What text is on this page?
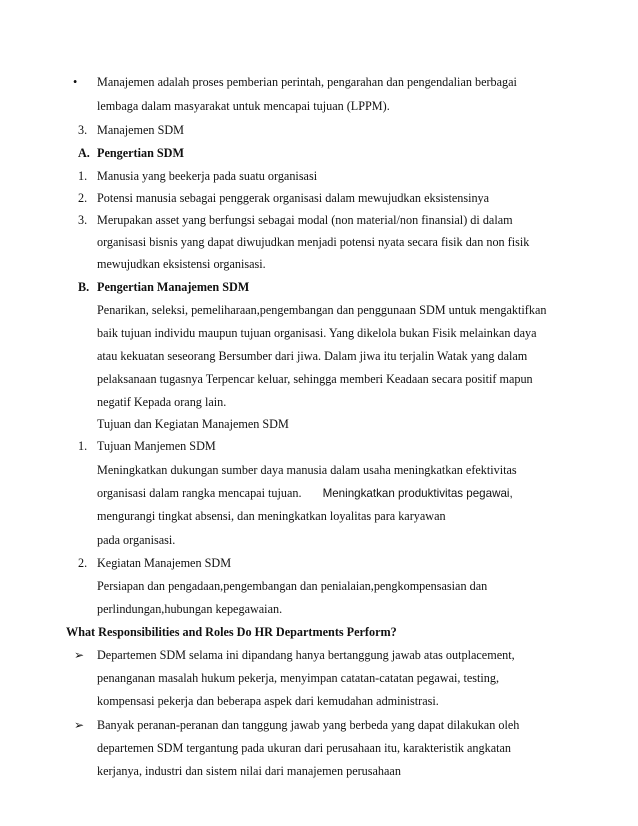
• Manajemen adalah proses pemberian perintah, pengarahan dan pengendalian berbagai
lembaga dalam masyarakat untuk mencapai tujuan (LPPM).
3. Manajemen SDM
A. Pengertian SDM
1. Manusia yang beekerja pada suatu organisasi
2. Potensi manusia sebagai penggerak organisasi dalam mewujudkan eksistensinya
3. Merupakan asset yang berfungsi sebagai modal (non material/non finansial) di dalam
organisasi bisnis yang dapat diwujudkan menjadi potensi nyata secara fisik dan non fisik
mewujudkan eksistensi organisasi.
B. Pengertian Manajemen SDM
Penarikan, seleksi, pemeliharaan,pengembangan dan penggunaan SDM untuk mengaktifkan
baik tujuan individu maupun tujuan organisasi. Yang dikelola bukan Fisik melainkan daya
atau kekuatan seseorang Bersumber dari jiwa. Dalam jiwa itu terjalin Watak yang dalam
pelaksanaan tugasnya Terpencar keluar, sehingga memberi Keadaan secara positif mapun
negatif Kepada orang lain.
Tujuan dan Kegiatan Manajemen SDM
1. Tujuan Manjemen SDM
Meningkatkan dukungan sumber daya manusia dalam usaha meningkatkan efektivitas
organisasi dalam rangka mencapai tujuan. Meningkatkan produktivitas pegawai,
mengurangi tingkat absensi, dan meningkatkan loyalitas para karyawan
pada organisasi.
2. Kegiatan Manajemen SDM
Persiapan dan pengadaan,pengembangan dan penialaian,pengkompensasian dan
perlindungan,hubungan kepegawaian.
What Responsibilities and Roles Do HR Departments Perform?
➢ Departemen SDM selama ini dipandang hanya bertanggung jawab atas outplacement,
penanganan masalah hukum pekerja, menyimpan catatan-catatan pegawai, testing,
kompensasi pekerja dan beberapa aspek dari kemudahan administrasi.
➢ Banyak peranan-peranan dan tanggung jawab yang berbeda yang dapat dilakukan oleh
departemen SDM tergantung pada ukuran dari perusahaan itu, karakteristik angkatan
kerjanya, industri dan sistem nilai dari manajemen perusahaan
